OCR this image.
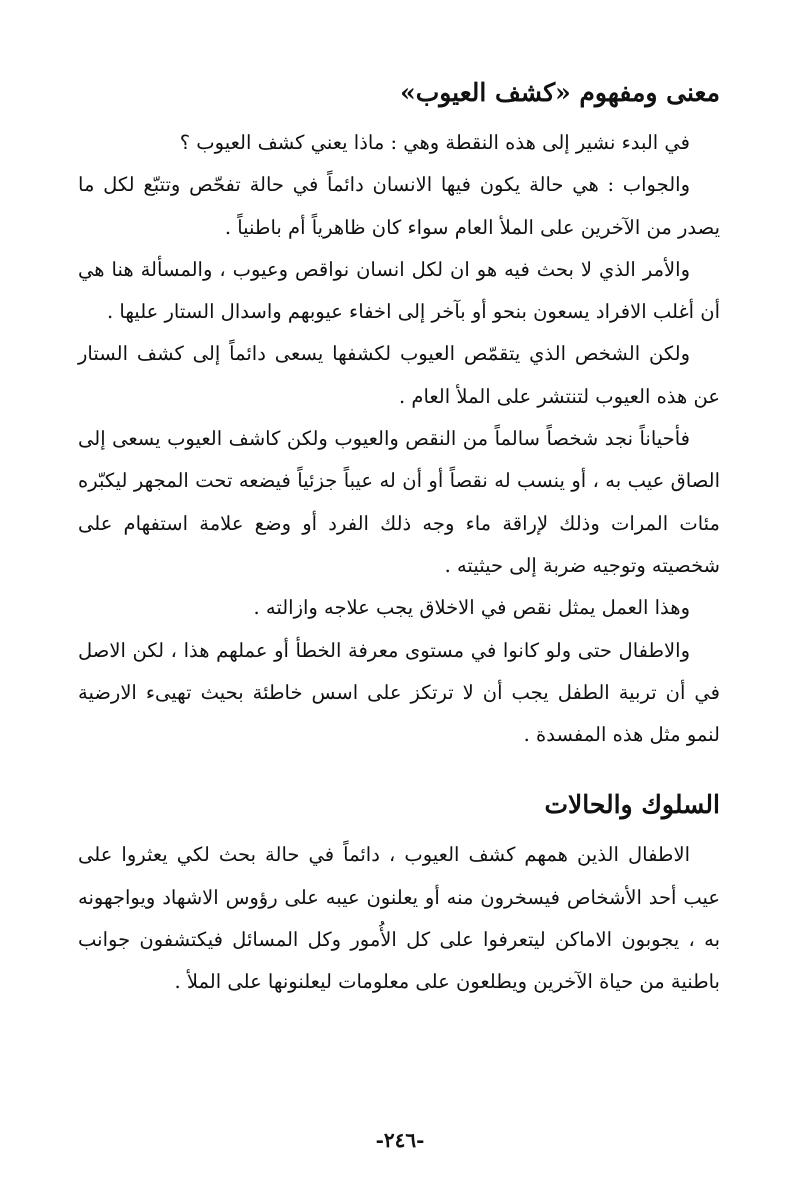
معنى ومفهوم «كشف العيوب»

في البدء نشير إلى هذه النقطة وهي : ماذا يعني كشف العيوب ؟

والجواب : هي حالة يكون فيها الانسان دائماً في حالة تفحّص وتتبّع لكل ما يصدر من الآخرين على الملأ العام سواء كان ظاهرياً أم باطنياً .

والأمر الذي لا بحث فيه هو ان لكل انسان نواقص وعيوب ، والمسألة هنا هي أن أغلب الافراد يسعون بنحو أو بآخر إلى اخفاء عيوبهم واسدال الستار عليها .

ولكن الشخص الذي يتقمّص العيوب لكشفها يسعى دائماً إلى كشف الستار عن هذه العيوب لتنتشر على الملأ العام .

فأحياناً نجد شخصاً سالماً من النقص والعيوب ولكن كاشف العيوب يسعى إلى الصاق عيب به ، أو ينسب له نقصاً أو أن له عيباً جزئياً فيضعه تحت المجهر ليكبّره مئات المرات وذلك لإراقة ماء وجه ذلك الفرد أو وضع علامة استفهام على شخصيته وتوجيه ضربة إلى حيثيته .

وهذا العمل يمثل نقص في الاخلاق يجب علاجه وازالته .

والاطفال حتى ولو كانوا في مستوى معرفة الخطأ أو عملهم هذا ، لكن الاصل في أن تربية الطفل يجب أن لا ترتكز على اسس خاطئة بحيث تهيىء الارضية لنمو مثل هذه المفسدة .

السلوك والحالات

الاطفال الذين همهم كشف العيوب ، دائماً في حالة بحث لكي يعثروا على عيب أحد الأشخاص فيسخرون منه أو يعلنون عيبه على رؤوس الاشهاد ويواجهونه به ، يجوبون الاماكن ليتعرفوا على كل الأُمور وكل المسائل فيكتشفون جوانب باطنية من حياة الآخرين ويطلعون على معلومات ليعلنونها على الملأ .

-٢٤٦-
